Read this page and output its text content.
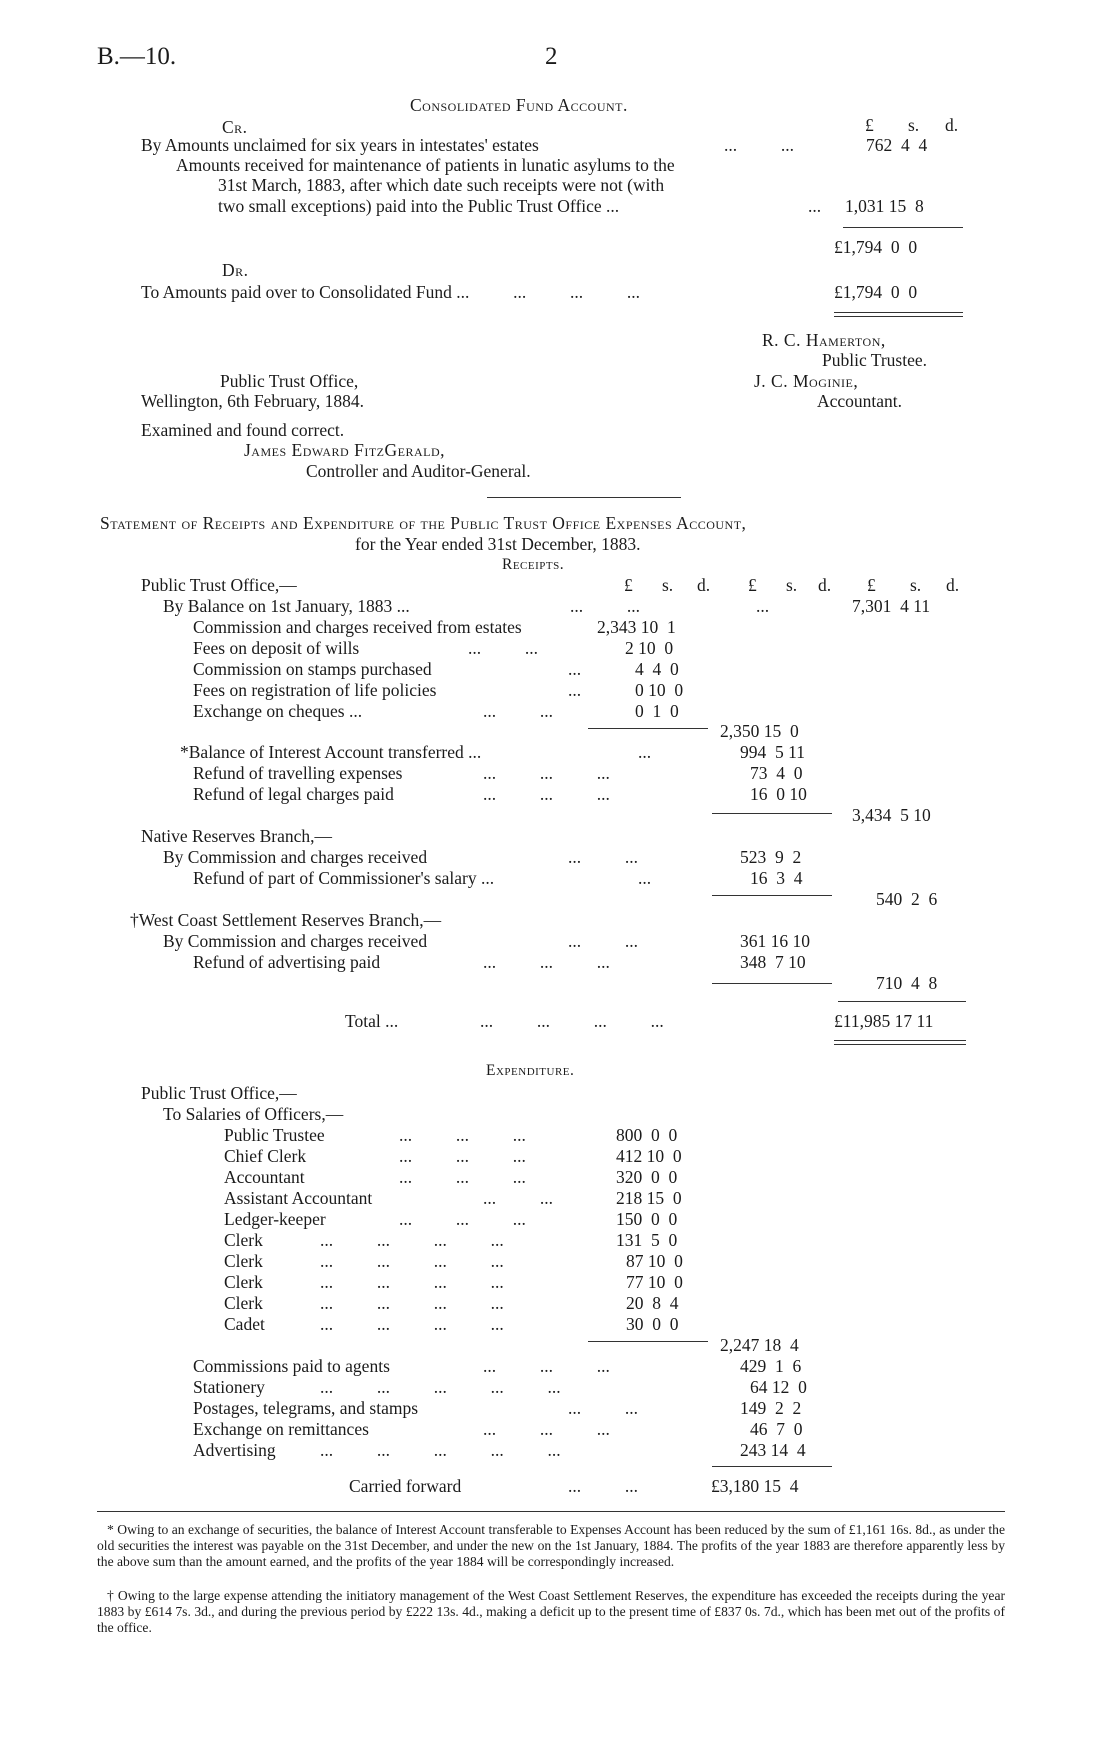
B.—10.	2
Consolidated Fund Account.
Cr.	£ s. d.
By Amounts unclaimed for six years in intestates' estates	...          ...	762  4  4
Amounts received for maintenance of patients in lunatic asylums to the
31st March, 1883, after which date such receipts were not (with
two small exceptions) paid into the Public Trust Office ...	... 1,031 15  8
£1,794  0  0
Dr.
To Amounts paid over to Consolidated Fund ...          ...          ...          ...	£1,794  0  0
R. C. Hamerton,
Public Trustee.
Public Trust Office,	J. C. Moginie,
Wellington, 6th February, 1884.	Accountant.
Examined and found correct.
James Edward FitzGerald,
Controller and Auditor-General.
Statement of Receipts and Expenditure of the Public Trust Office Expenses Account,
for the Year ended 31st December, 1883.
Receipts.
£ s. d. £ s. d. £ s. d.
Public Trust Office,—
By Balance on 1st January, 1883 ...	...          ...	...	7,301  4 11
Commission and charges received from estates	2,343 10  1
Fees on deposit of wills	...          ...	2 10  0
Commission on stamps purchased	...	4  4  0
Fees on registration of life policies	...	0 10  0
Exchange on cheques ...	...          ...	0  1  0
2,350 15  0
*Balance of Interest Account transferred ...	...	994  5 11
Refund of travelling expenses	...          ...          ...	73  4  0
Refund of legal charges paid	...          ...          ...	16  0 10
3,434  5 10
Native Reserves Branch,—
By Commission and charges received	...          ...	523  9  2
Refund of part of Commissioner's salary ...	...	16  3  4
540  2  6
†West Coast Settlement Reserves Branch,—
By Commission and charges received	...          ...	361 16 10
Refund of advertising paid	...          ...          ...	348  7 10
710  4  8
Total ...	...          ...          ...          ...	£11,985 17 11
Expenditure.
Public Trust Office,—
To Salaries of Officers,—
Public Trustee	...          ...          ...	800  0  0
Chief Clerk	...          ...          ...	412 10  0
Accountant	...          ...          ...	320  0  0
Assistant Accountant	...          ...	218 15  0
Ledger-keeper	...          ...          ...	150  0  0
Clerk	...          ...          ...          ...	131  5  0
Clerk	...          ...          ...          ...	87 10  0
Clerk	...          ...          ...          ...	77 10  0
Clerk	...          ...          ...          ...	20  8  4
Cadet	...          ...          ...          ...	30  0  0
2,247 18  4
Commissions paid to agents	...          ...          ...	429  1  6
Stationery	...          ...          ...          ...          ...	64 12  0
Postages, telegrams, and stamps	...          ...	149  2  2
Exchange on remittances	...          ...          ...	46  7  0
Advertising	...          ...          ...          ...          ...	243 14  4
Carried forward	...          ...	£3,180 15  4

* Owing to an exchange of securities, the balance of Interest Account transferable to Expenses Account has been reduced by the sum of £1,161 16s. 8d., as under the old securities the interest was payable on the 31st December, and under the new on the 1st January, 1884. The profits of the year 1883 are therefore apparently less by the above sum than the amount earned, and the profits of the year 1884 will be correspondingly increased.

† Owing to the large expense attending the initiatory management of the West Coast Settlement Reserves, the expenditure has exceeded the receipts during the year 1883 by £614 7s. 3d., and during the previous period by £222 13s. 4d., making a deficit up to the present time of £837 0s. 7d., which has been met out of the profits of the office.
